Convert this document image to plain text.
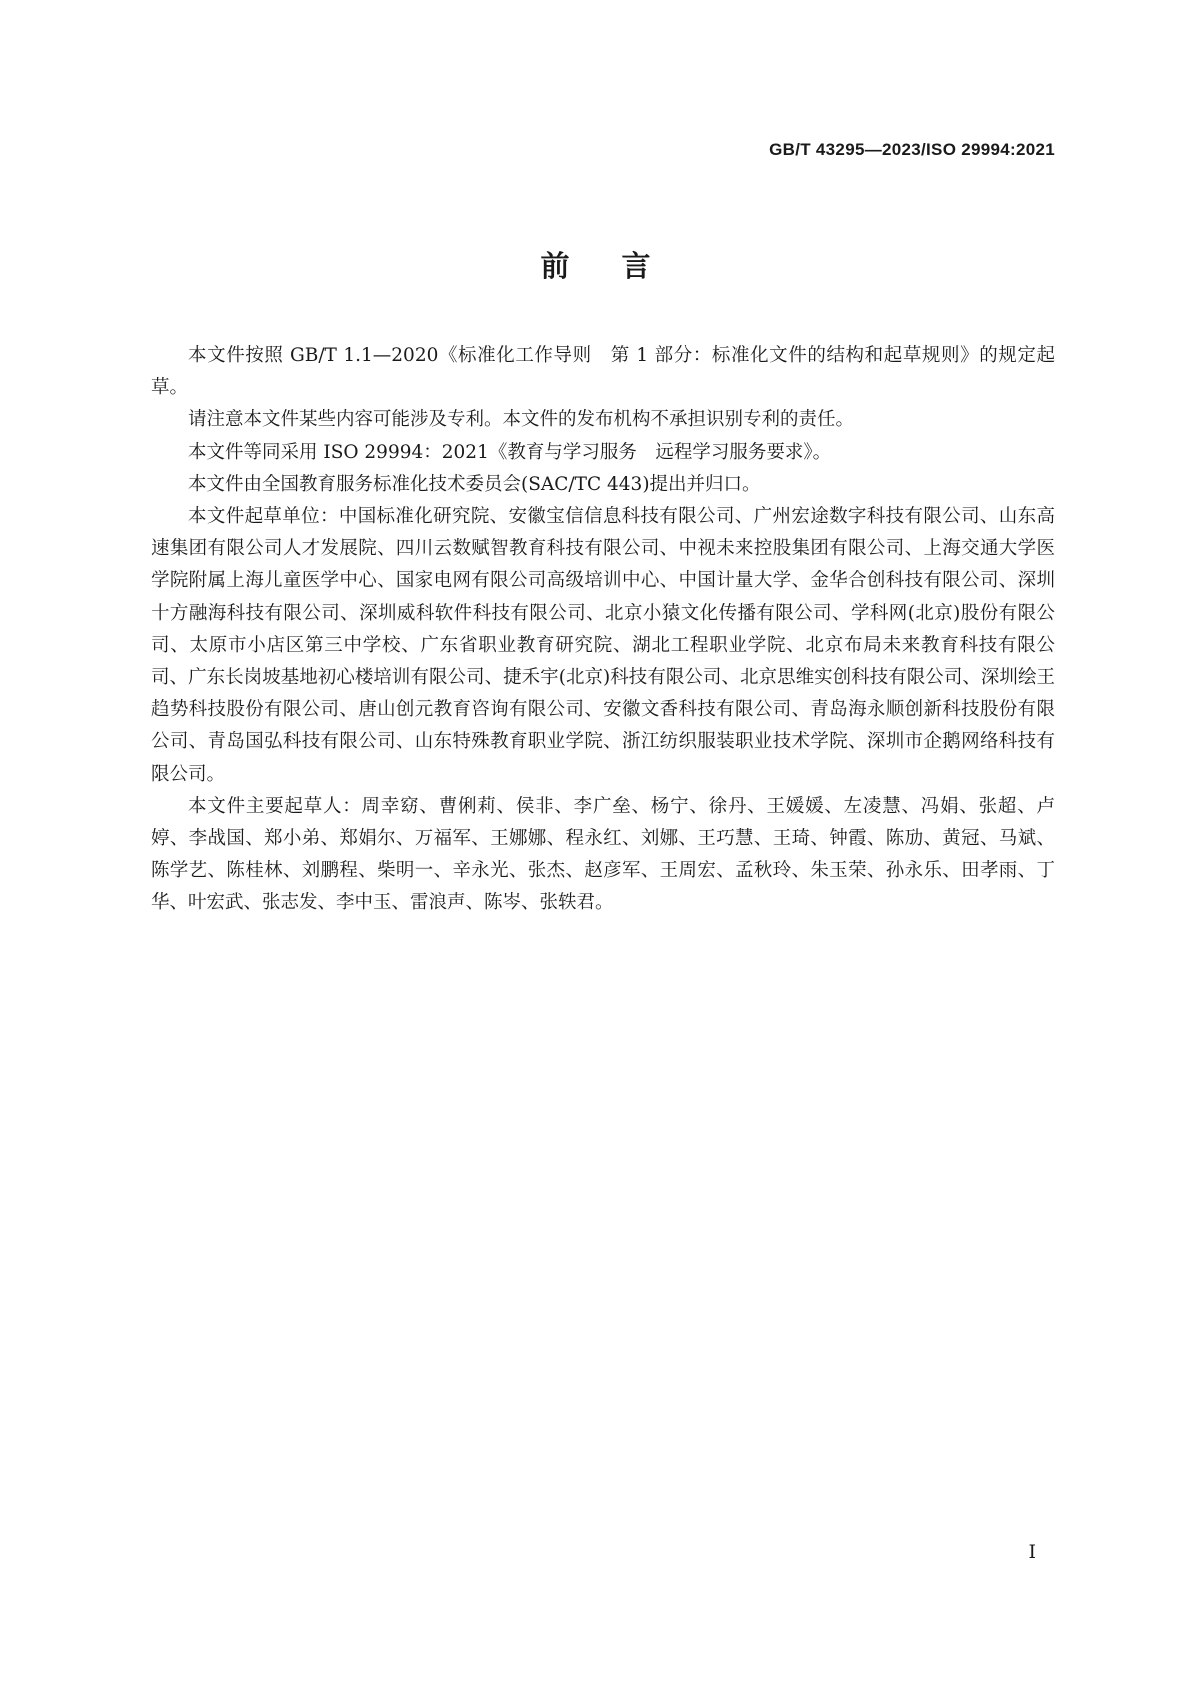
GB/T 43295—2023/ISO 29994:2021
前言

本文件按照 GB/T 1.1—2020《标准化工作导则　第 1 部分：标准化文件的结构和起草规则》的规定起草。

请注意本文件某些内容可能涉及专利。本文件的发布机构不承担识别专利的责任。

本文件等同采用 ISO 29994：2021《教育与学习服务　远程学习服务要求》。

本文件由全国教育服务标准化技术委员会(SAC/TC 443)提出并归口。

本文件起草单位：中国标准化研究院、安徽宝信信息科技有限公司、广州宏途数字科技有限公司、山东高速集团有限公司人才发展院、四川云数赋智教育科技有限公司、中视未来控股集团有限公司、上海交通大学医学院附属上海儿童医学中心、国家电网有限公司高级培训中心、中国计量大学、金华合创科技有限公司、深圳十方融海科技有限公司、深圳威科软件科技有限公司、北京小猿文化传播有限公司、学科网(北京)股份有限公司、太原市小店区第三中学校、广东省职业教育研究院、湖北工程职业学院、北京布局未来教育科技有限公司、广东长岗坡基地初心楼培训有限公司、捷禾宇(北京)科技有限公司、北京思维实创科技有限公司、深圳绘王趋势科技股份有限公司、唐山创元教育咨询有限公司、安徽文香科技有限公司、青岛海永顺创新科技股份有限公司、青岛国弘科技有限公司、山东特殊教育职业学院、浙江纺织服装职业技术学院、深圳市企鹅网络科技有限公司。

本文件主要起草人：周幸窈、曹俐莉、侯非、李广垒、杨宁、徐丹、王媛媛、左凌慧、冯娟、张超、卢婷、李战国、郑小弟、郑娟尔、万福军、王娜娜、程永红、刘娜、王巧慧、王琦、钟霞、陈劢、黄冠、马斌、陈学艺、陈桂林、刘鹏程、柴明一、辛永光、张杰、赵彦军、王周宏、孟秋玲、朱玉荣、孙永乐、田孝雨、丁华、叶宏武、张志发、李中玉、雷浪声、陈岑、张轶君。

I
